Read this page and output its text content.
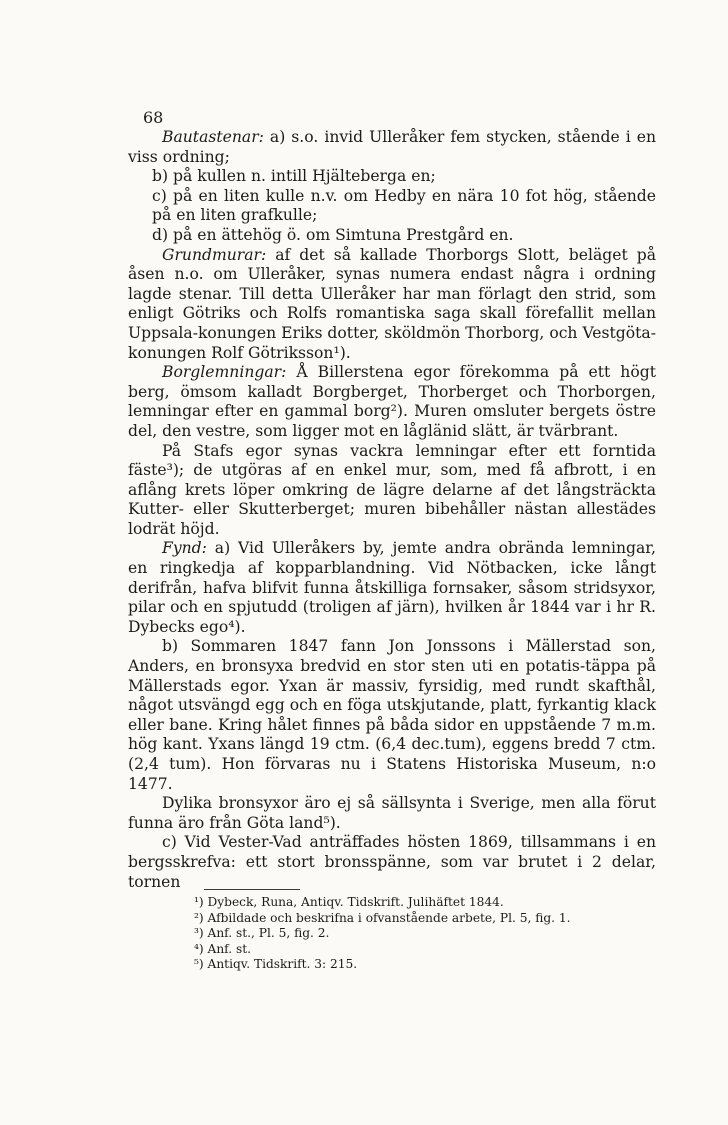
68

Bautastenar: a) s.o. invid Ulleråker fem stycken, stående i en viss ordning;

b) på kullen n. intill Hjälteberga en;

c) på en liten kulle n.v. om Hedby en nära 10 fot hög, stående på en liten grafkulle;

d) på en ättehög ö. om Simtuna Prestgård en.

Grundmurar: af det så kallade Thorborgs Slott, beläget på åsen n.o. om Ulleråker, synas numera endast några i ordning lagde stenar. Till detta Ulleråker har man förlagt den strid, som enligt Götriks och Rolfs romantiska saga skall förefallit mellan Uppsala-konungen Eriks dotter, sköldmön Thorborg, och Vestgöta-konungen Rolf Götriksson¹).

Borglemningar: Å Billerstena egor förekomma på ett högt berg, ömsom kalladt Borgberget, Thorberget och Thorborgen, lemningar efter en gammal borg²). Muren omsluter bergets östre del, den vestre, som ligger mot en låglänid slätt, är tvärbrant.

På Stafs egor synas vackra lemningar efter ett forntida fäste³); de utgöras af en enkel mur, som, med få afbrott, i en aflång krets löper omkring de lägre delarne af det långsträckta Kutter- eller Skutterberget; muren bibehåller nästan allestädes lodrät höjd.

Fynd: a) Vid Ulleråkers by, jemte andra obrända lemningar, en ringkedja af kopparblandning. Vid Nötbacken, icke långt derifrån, hafva blifvit funna åtskilliga fornsaker, såsom stridsyxor, pilar och en spjutudd (troligen af järn), hvilken år 1844 var i hr R. Dybecks ego⁴).

b) Sommaren 1847 fann Jon Jonssons i Mällerstad son, Anders, en bronsyxa bredvid en stor sten uti en potatis-täppa på Mällerstads egor. Yxan är massiv, fyrsidig, med rundt skafthål, något utsvängd egg och en föga utskjutande, platt, fyrkantig klack eller bane. Kring hålet finnes på båda sidor en uppstående 7 m.m. hög kant. Yxans längd 19 ctm. (6,4 dec.tum), eggens bredd 7 ctm. (2,4 tum). Hon förvaras nu i Statens Historiska Museum, n:o 1477.

Dylika bronsyxor äro ej så sällsynta i Sverige, men alla förut funna äro från Göta land⁵).

c) Vid Vester-Vad anträffades hösten 1869, tillsammans i en bergsskrefva: ett stort bronsspänne, som var brutet i 2 delar, tornen

¹) Dybeck, Runa, Antiqv. Tidskrift. Julihäftet 1844.
²) Afbildade och beskrifna i ofvanstående arbete, Pl. 5, fig. 1.
³) Anf. st., Pl. 5, fig. 2.
⁴) Anf. st.
⁵) Antiqv. Tidskrift. 3: 215.
